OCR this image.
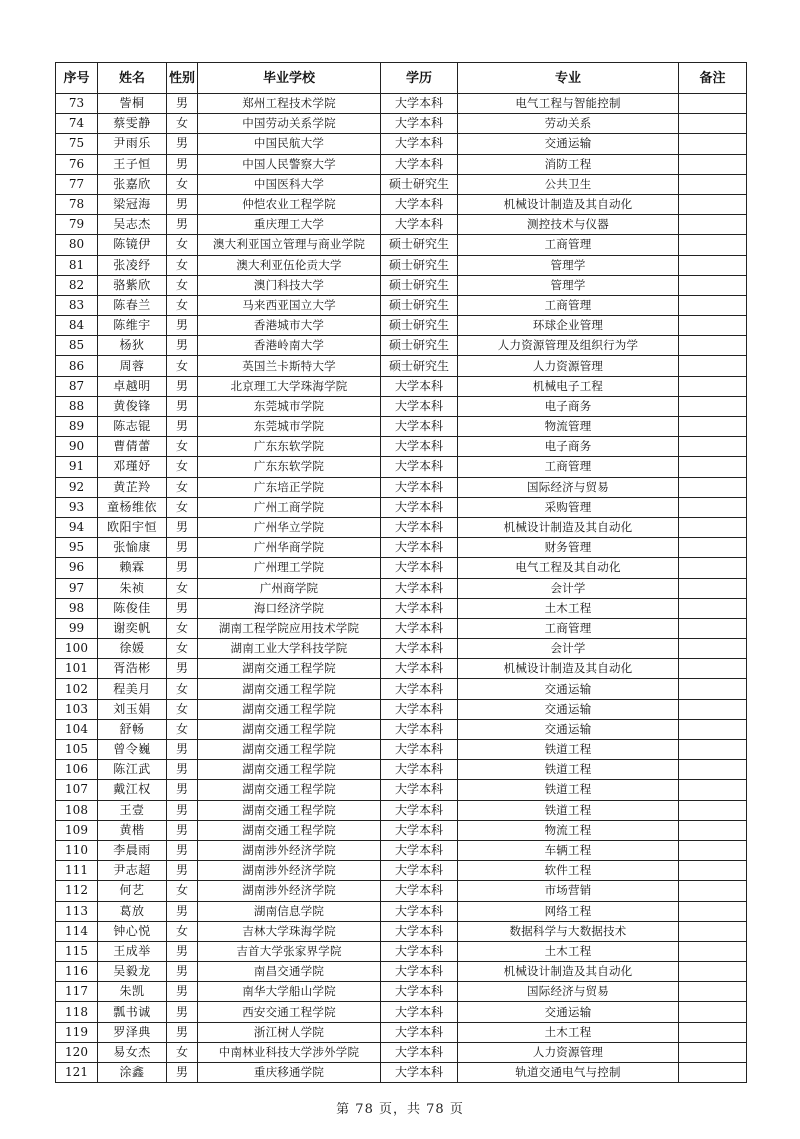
序号	姓名	性别	毕业学校	学历	专业	备注
73	訾桐	男	郑州工程技术学院	大学本科	电气工程与智能控制	
74	蔡雯静	女	中国劳动关系学院	大学本科	劳动关系	
75	尹雨乐	男	中国民航大学	大学本科	交通运输	
76	王子恒	男	中国人民警察大学	大学本科	消防工程	
77	张嘉欣	女	中国医科大学	硕士研究生	公共卫生	
78	梁冠海	男	仲恺农业工程学院	大学本科	机械设计制造及其自动化	
79	吴志杰	男	重庆理工大学	大学本科	测控技术与仪器	
80	陈镜伊	女	澳大利亚国立管理与商业学院	硕士研究生	工商管理	
81	张凌纾	女	澳大利亚伍伦贡大学	硕士研究生	管理学	
82	骆紫欣	女	澳门科技大学	硕士研究生	管理学	
83	陈春兰	女	马来西亚国立大学	硕士研究生	工商管理	
84	陈维宇	男	香港城市大学	硕士研究生	环球企业管理	
85	杨狄	男	香港岭南大学	硕士研究生	人力资源管理及组织行为学	
86	周蓉	女	英国兰卡斯特大学	硕士研究生	人力资源管理	
87	卓越明	男	北京理工大学珠海学院	大学本科	机械电子工程	
88	黄俊锋	男	东莞城市学院	大学本科	电子商务	
89	陈志锟	男	东莞城市学院	大学本科	物流管理	
90	曹倩蕾	女	广东东软学院	大学本科	电子商务	
91	邓瑾妤	女	广东东软学院	大学本科	工商管理	
92	黄芷羚	女	广东培正学院	大学本科	国际经济与贸易	
93	童杨维依	女	广州工商学院	大学本科	采购管理	
94	欧阳宇恒	男	广州华立学院	大学本科	机械设计制造及其自动化	
95	张愉康	男	广州华商学院	大学本科	财务管理	
96	赖霖	男	广州理工学院	大学本科	电气工程及其自动化	
97	朱祯	女	广州商学院	大学本科	会计学	
98	陈俊佳	男	海口经济学院	大学本科	土木工程	
99	谢奕帆	女	湖南工程学院应用技术学院	大学本科	工商管理	
100	徐媛	女	湖南工业大学科技学院	大学本科	会计学	
101	胥浩彬	男	湖南交通工程学院	大学本科	机械设计制造及其自动化	
102	程美月	女	湖南交通工程学院	大学本科	交通运输	
103	刘玉娟	女	湖南交通工程学院	大学本科	交通运输	
104	舒畅	女	湖南交通工程学院	大学本科	交通运输	
105	曾令巍	男	湖南交通工程学院	大学本科	铁道工程	
106	陈江武	男	湖南交通工程学院	大学本科	铁道工程	
107	戴江权	男	湖南交通工程学院	大学本科	铁道工程	
108	王壹	男	湖南交通工程学院	大学本科	铁道工程	
109	黄楷	男	湖南交通工程学院	大学本科	物流工程	
110	李晨雨	男	湖南涉外经济学院	大学本科	车辆工程	
111	尹志超	男	湖南涉外经济学院	大学本科	软件工程	
112	何艺	女	湖南涉外经济学院	大学本科	市场营销	
113	葛放	男	湖南信息学院	大学本科	网络工程	
114	钟心悦	女	吉林大学珠海学院	大学本科	数据科学与大数据技术	
115	王成举	男	吉首大学张家界学院	大学本科	土木工程	
116	吴毅龙	男	南昌交通学院	大学本科	机械设计制造及其自动化	
117	朱凯	男	南华大学船山学院	大学本科	国际经济与贸易	
118	瓢书诚	男	西安交通工程学院	大学本科	交通运输	
119	罗泽典	男	浙江树人学院	大学本科	土木工程	
120	易女杰	女	中南林业科技大学涉外学院	大学本科	人力资源管理	
121	涂鑫	男	重庆移通学院	大学本科	轨道交通电气与控制	
第 78 页，共 78 页
